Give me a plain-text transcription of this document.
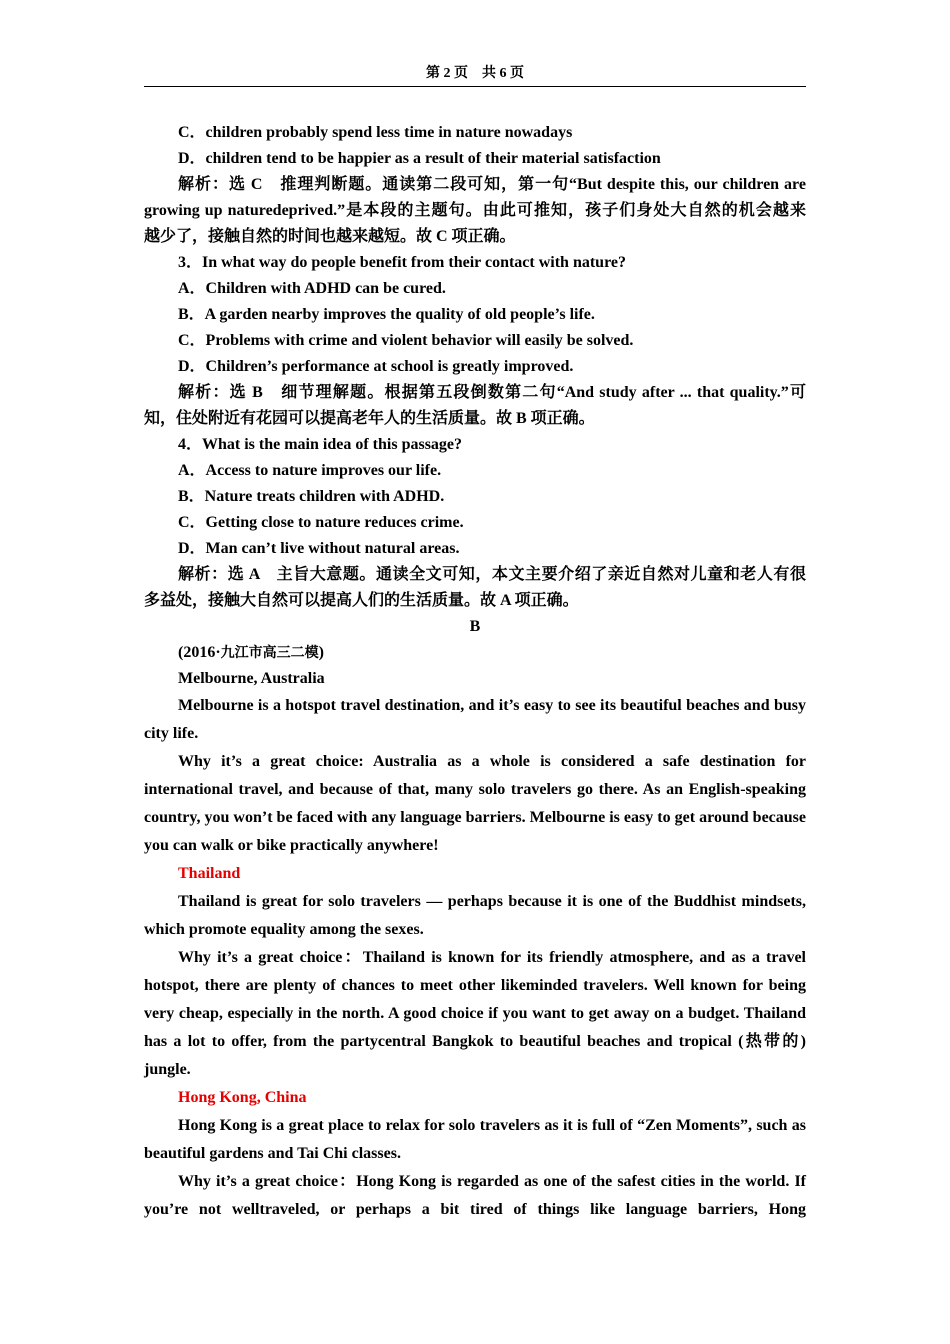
第 2 页　共 6 页
C．children probably spend less time in nature nowadays
D．children tend to be happier as a result of their material satisfaction
解析：选 C　推理判断题。通读第二段可知，第一句“But despite this, our children are
growing up naturedeprived.”是本段的主题句。由此可推知，孩子们身处大自然的机会越来
越少了，接触自然的时间也越来越短。故 C 项正确。
3．In what way do people benefit from their contact with nature?
A．Children with ADHD can be cured.
B．A garden nearby improves the quality of old people’s life.
C．Problems with crime and violent behavior will easily be solved.
D．Children’s performance at school is greatly improved.
解析：选 B　细节理解题。根据第五段倒数第二句“And study after ... that quality.”可
知，住处附近有花园可以提高老年人的生活质量。故 B 项正确。
4．What is the main idea of this passage?
A．Access to nature improves our life.
B．Nature treats children with ADHD.
C．Getting close to nature reduces crime.
D．Man can’t live without natural areas.
解析：选 A　主旨大意题。通读全文可知，本文主要介绍了亲近自然对儿童和老人有很
多益处，接触大自然可以提高人们的生活质量。故 A 项正确。
B
(2016·九江市高三二模)
Melbourne, Australia

Melbourne is a hotspot travel destination, and it’s easy to see its beautiful beaches and busy city life.

Why it’s a great choice: Australia as a whole is considered a safe destination for international travel, and because of that, many solo travelers go there. As an English-speaking country, you won’t be faced with any language barriers. Melbourne is easy to get around because you can walk or bike practically anywhere!

Thailand

Thailand is great for solo travelers — perhaps because it is one of the Buddhist mindsets, which promote equality among the sexes.

Why it’s a great choice：Thailand is known for its friendly atmosphere, and as a travel hotspot, there are plenty of chances to meet other likeminded travelers. Well known for being very cheap, especially in the north. A good choice if you want to get away on a budget. Thailand has a lot to offer, from the partycentral Bangkok to beautiful beaches and tropical (热带的) jungle.

Hong Kong, China

Hong Kong is a great place to relax for solo travelers as it is full of “Zen Moments”, such as beautiful gardens and Tai Chi classes.

Why it’s a great choice：Hong Kong is regarded as one of the safest cities in the world. If you’re not welltraveled, or perhaps a bit tired of things like language barriers, Hong
